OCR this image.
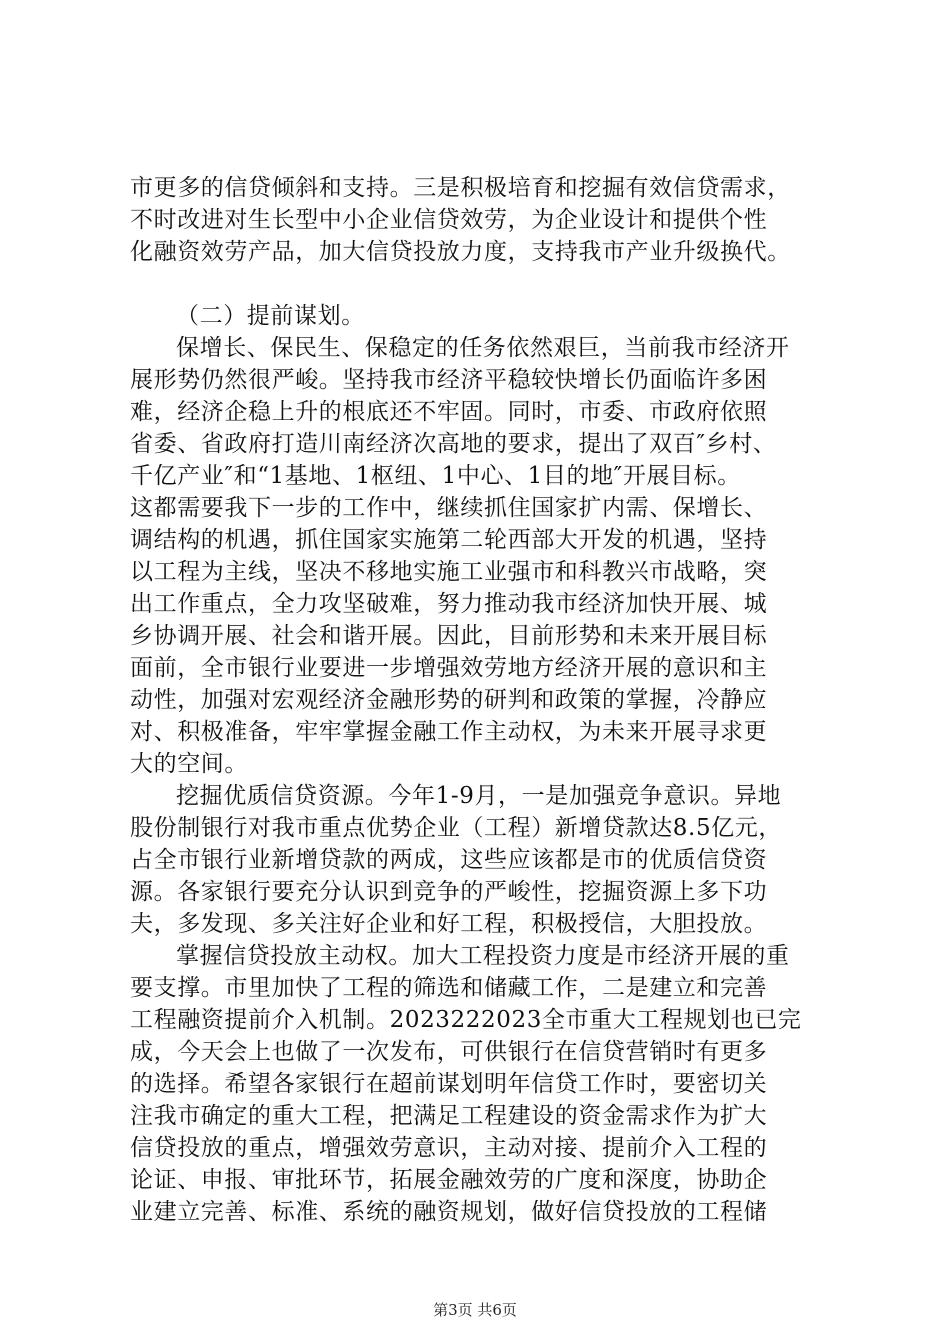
市更多的信贷倾斜和支持。三是积极培育和挖掘有效信贷需求，
不时改进对生长型中小企业信贷效劳，为企业设计和提供个性
化融资效劳产品，加大信贷投放力度，支持我市产业升级换代。
（二）提前谋划。
保增长、保民生、保稳定的任务依然艰巨，当前我市经济开
展形势仍然很严峻。坚持我市经济平稳较快增长仍面临许多困
难，经济企稳上升的根底还不牢固。同时，市委、市政府依照
省委、省政府打造川南经济次高地的要求，提出了双百″乡村、
千亿产业″和“1基地、1枢纽、1中心、1目的地″开展目标。
这都需要我下一步的工作中，继续抓住国家扩内需、保增长、
调结构的机遇，抓住国家实施第二轮西部大开发的机遇，坚持
以工程为主线，坚决不移地实施工业强市和科教兴市战略，突
出工作重点，全力攻坚破难，努力推动我市经济加快开展、城
乡协调开展、社会和谐开展。因此，目前形势和未来开展目标
面前，全市银行业要进一步增强效劳地方经济开展的意识和主
动性，加强对宏观经济金融形势的研判和政策的掌握，冷静应
对、积极准备，牢牢掌握金融工作主动权，为未来开展寻求更
大的空间。
挖掘优质信贷资源。今年1-9月，一是加强竞争意识。异地
股份制银行对我市重点优势企业（工程）新增贷款达8.5亿元，
占全市银行业新增贷款的两成，这些应该都是市的优质信贷资
源。各家银行要充分认识到竞争的严峻性，挖掘资源上多下功
夫，多发现、多关注好企业和好工程，积极授信，大胆投放。
掌握信贷投放主动权。加大工程投资力度是市经济开展的重
要支撑。市里加快了工程的筛选和储藏工作，二是建立和完善
工程融资提前介入机制。2023222023全市重大工程规划也已完
成，今天会上也做了一次发布，可供银行在信贷营销时有更多
的选择。希望各家银行在超前谋划明年信贷工作时，要密切关
注我市确定的重大工程，把满足工程建设的资金需求作为扩大
信贷投放的重点，增强效劳意识，主动对接、提前介入工程的
论证、申报、审批环节，拓展金融效劳的广度和深度，协助企
业建立完善、标准、系统的融资规划，做好信贷投放的工程储
第3页 共6页
